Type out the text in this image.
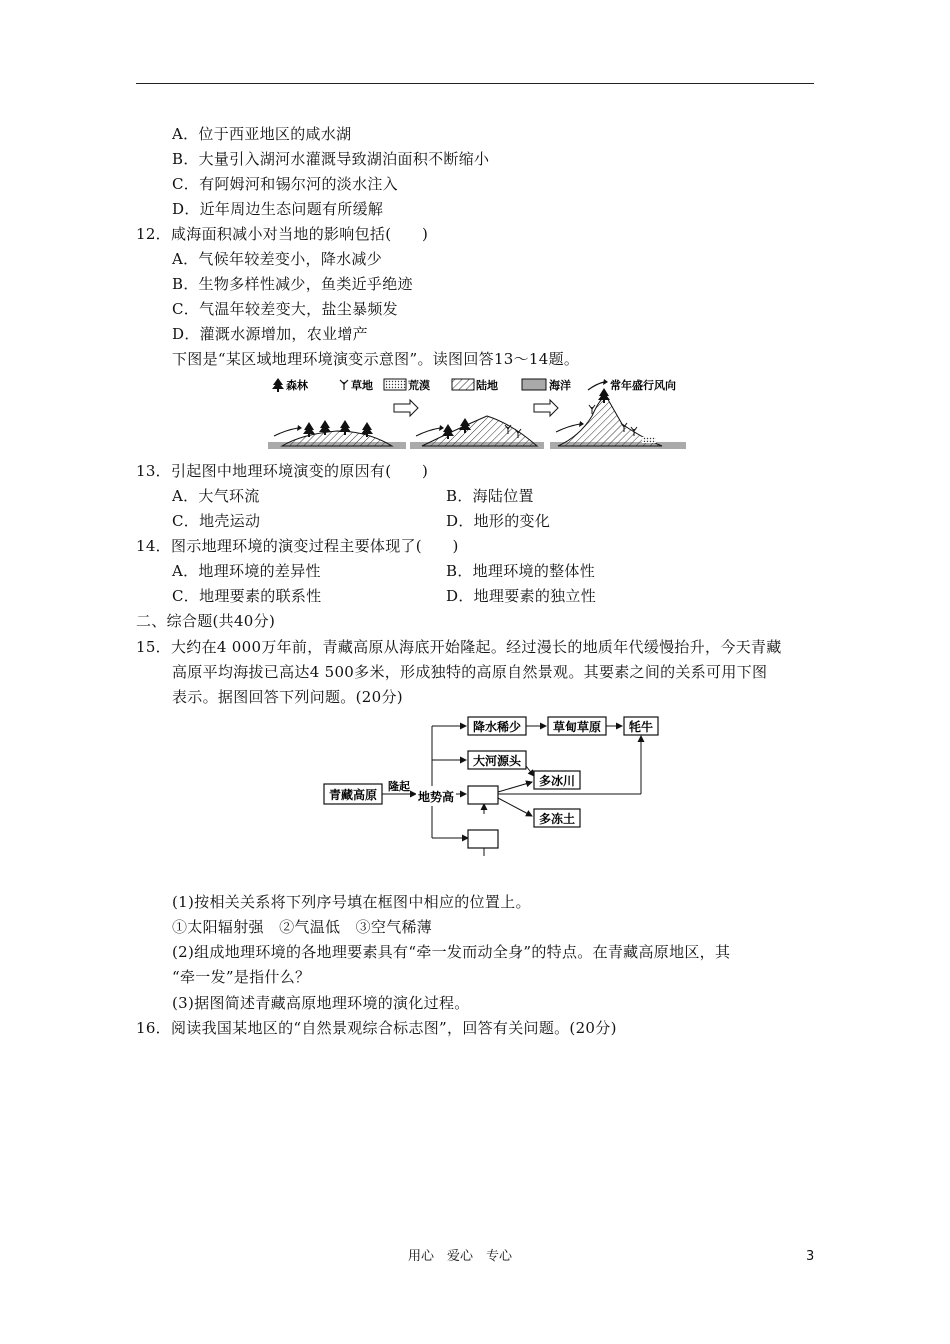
A．位于西亚地区的咸水湖
B．大量引入湖河水灌溉导致湖泊面积不断缩小
C．有阿姆河和锡尔河的淡水注入
D．近年周边生态问题有所缓解
12．咸海面积减小对当地的影响包括(　　)
A．气候年较差变小，降水减少
B．生物多样性减少，鱼类近乎绝迹
C．气温年较差变大，盐尘暴频发
D．灌溉水源增加，农业增产
下图是“某区域地理环境演变示意图”。读图回答13～14题。
森林	草地	荒漠	陆地	海洋	常年盛行风向
13．引起图中地理环境演变的原因有(　　)
A．大气环流	B．海陆位置
C．地壳运动	D．地形的变化
14．图示地理环境的演变过程主要体现了(　　)
A．地理环境的差异性	B．地理环境的整体性
C．地理要素的联系性	D．地理要素的独立性
二、综合题(共40分)
15．大约在4 000万年前，青藏高原从海底开始隆起。经过漫长的地质年代缓慢抬升，今天青藏
高原平均海拔已高达4 500多米，形成独特的高原自然景观。其要素之间的关系可用下图
表示。据图回答下列问题。(20分)
青藏高原
隆起
地势高
降水稀少	草甸草原 牦牛
大河源头
多冰川
多冻土
(1)按相关关系将下列序号填在框图中相应的位置上。
①太阳辐射强　②气温低　③空气稀薄
(2)组成地理环境的各地理要素具有“牵一发而动全身”的特点。在青藏高原地区，其
“牵一发”是指什么？
(3)据图简述青藏高原地理环境的演化过程。
16．阅读我国某地区的“自然景观综合标志图”，回答有关问题。(20分)
用心　爱心　专心	3
